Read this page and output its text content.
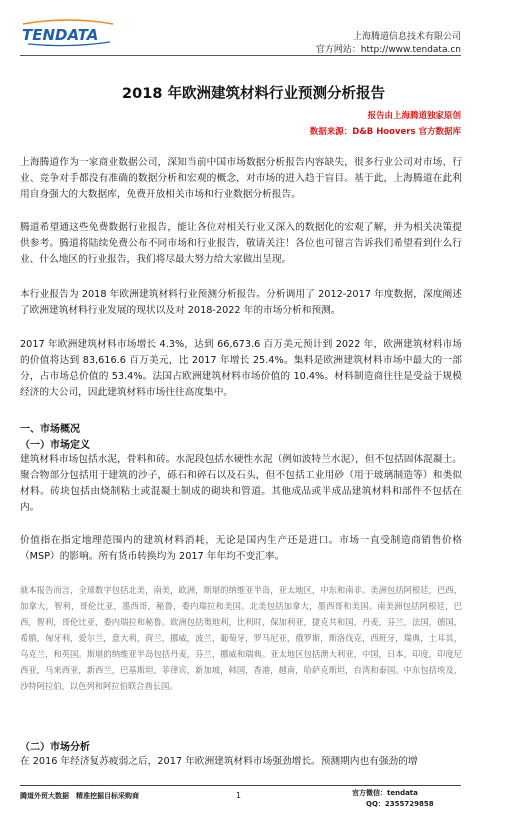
TENDATA	上海腾道信息技术有限公司
官方网站：http://www.tendata.cn
2018 年欧洲建筑材料行业预测分析报告
报告由上海腾道独家原创
数据来源：D&B Hoovers 官方数据库
上海腾道作为一家商业数据公司，深知当前中国市场数据分析报告内容缺失，很多行业公司对市场、行业、竞争对手都没有准确的数据分析和宏观的概念，对市场的进入趋于盲目。基于此，上海腾道在此利用自身强大的大数据库，免费开放相关市场和行业数据分析报告。
腾道希望通这些免费数据行业报告，能让各位对相关行业又深入的数据化的宏观了解，并为相关决策提供参考。腾道将陆续免费公布不同市场和行业报告，敬请关注！各位也可留言告诉我们希望看到什么行业、什么地区的行业报告，我们将尽最大努力给大家做出呈现。
本行业报告为 2018 年欧洲建筑材料行业预测分析报告。分析调用了 2012-2017 年度数据，深度阐述了欧洲建筑材料行业发展的现状以及对 2018-2022 年的市场分析和预测。
2017 年欧洲建筑材料市场增长 4.3%，达到 66,673.6 百万美元预计到 2022 年，欧洲建筑材料市场的价值将达到 83,616.6 百万美元，比 2017 年增长 25.4%。集料是欧洲建筑材料市场中最大的一部分，占市场总价值的 53.4%。法国占欧洲建筑材料市场价值的 10.4%。材料制造商往往是受益于规模经济的大公司，因此建筑材料市场往往高度集中。
一、市场概况
（一）市场定义
建筑材料市场包括水泥，骨料和砖。水泥段包括水硬性水泥（例如波特兰水泥），但不包括固体混凝土。聚合物部分包括用于建筑的沙子，砾石和碎石以及石头，但不包括工业用砂（用于玻璃制造等）和类似材料。砖块包括由烧制粘土或混凝土制成的砌块和管道。其他成品或半成品建筑材料和部件不包括在内。
价值指在指定地理范围内的建筑材料消耗，无论是国内生产还是进口。市场一直受制造商销售价格（MSP）的影响。所有货币转换均为 2017 年年均不变汇率。
就本报告而言，全球数字包括北美，南美，欧洲，斯堪的纳维亚半岛，亚太地区，中东和南非。美洲包括阿根廷，巴西，加拿大，智利，哥伦比亚，墨西哥，秘鲁，委内瑞拉和美国。北美包括加拿大，墨西哥和美国。南美洲包括阿根廷，巴西，智利，哥伦比亚，委内瑞拉和秘鲁。欧洲包括奥地利，比利时，保加利亚，捷克共和国，丹麦，芬兰，法国，德国，希腊，匈牙利，爱尔兰，意大利，荷兰，挪威，波兰，葡萄牙，罗马尼亚，俄罗斯，斯洛伐克，西班牙，瑞典，土耳其，乌克兰，和英国。斯堪的纳维亚半岛包括丹麦，芬兰，挪威和瑞典。亚太地区包括澳大利亚，中国，日本，印度，印度尼西亚，马来西亚，新西兰，巴基斯坦，菲律宾，新加坡，韩国，香港，越南，哈萨克斯坦，台湾和泰国。中东包括埃及，沙特阿拉伯，以色列和阿拉伯联合酋长国。
（二）市场分析
在 2016 年经济复苏疲弱之后，2017 年欧洲建筑材料市场强劲增长。预测期内也有强劲的增
腾道外贸大数据　精准挖掘目标采购商	1	官方微信：tendata
QQ：2355729858
